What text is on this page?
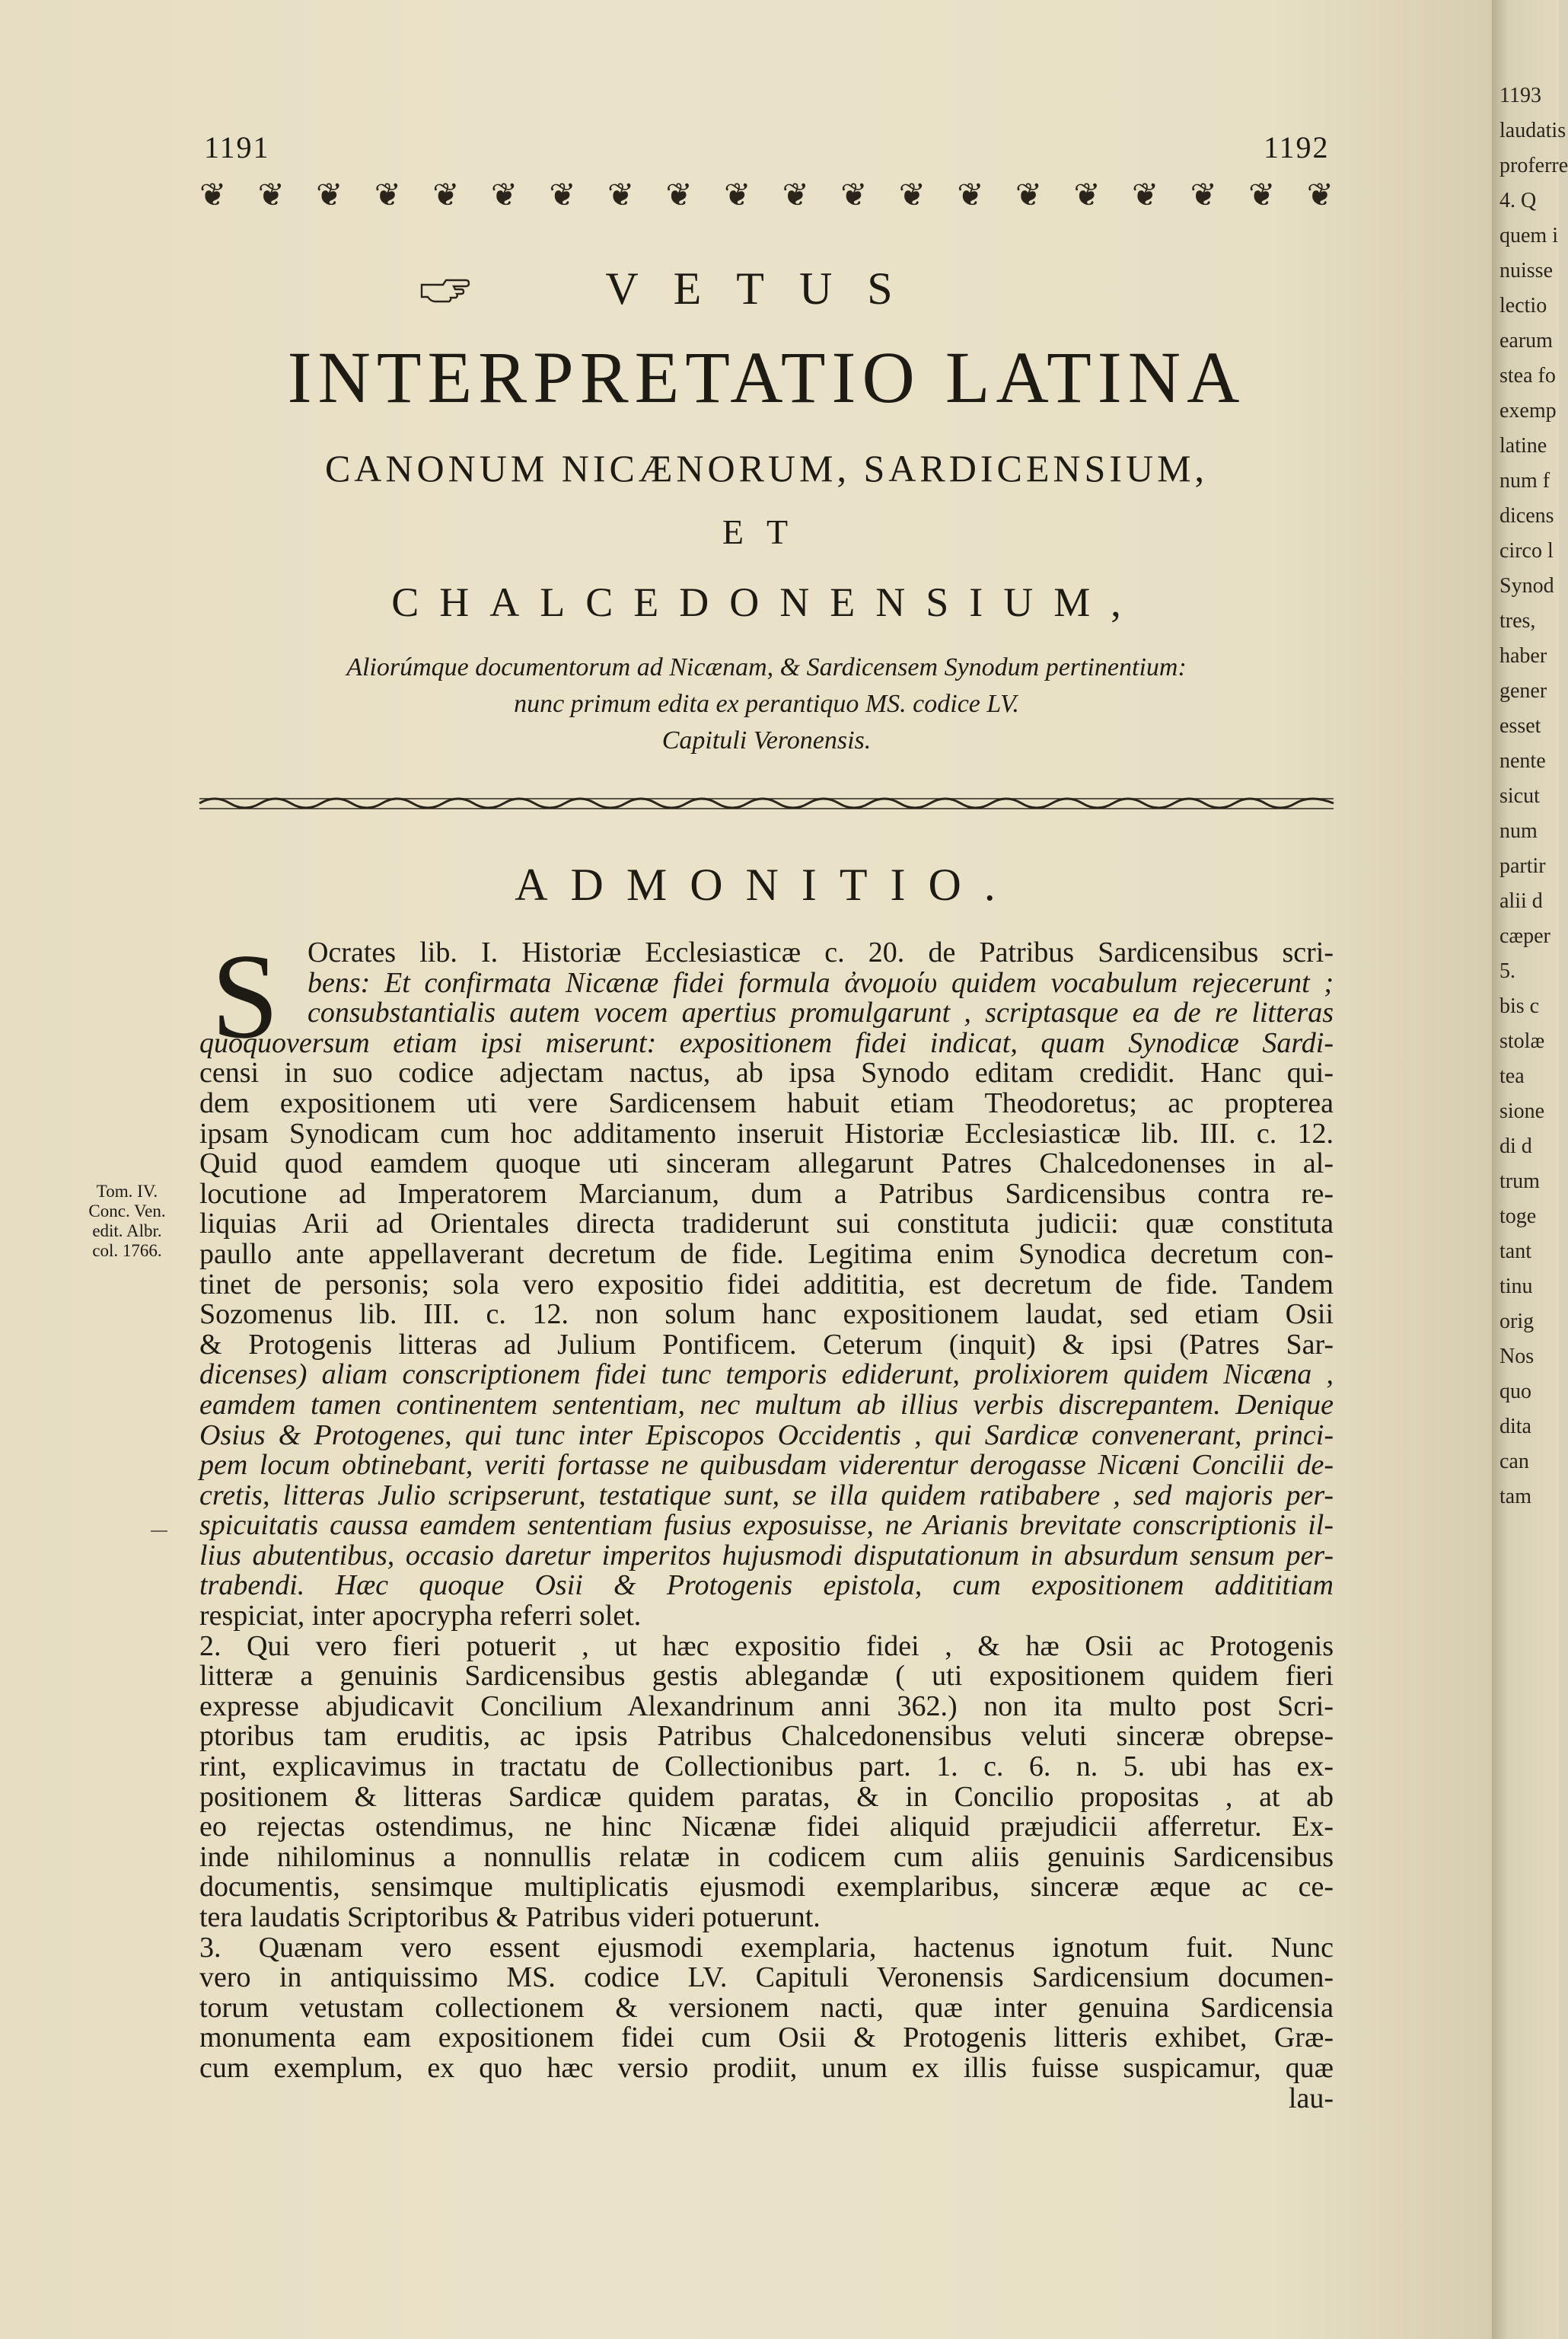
1191	1192
❦ ❦ ❦ ❦ ❦ ❦ ❦ ❦ ❦ ❦ ❦ ❦ ❦ ❦ ❦ ❦ ❦ ❦ ❦ ❦
VETUS
INTERPRETATIO LATINA
CANONUM NICÆNORUM, SARDICENSIUM,
ET
CHALCEDONENSIUM,
Aliorúmque documentorum ad Nicænam, & Sardicensem Synodum pertinentium:
nunc primum edita ex perantiquo MS. codice LV.
Capituli Veronensis.
ADMONITIO.
S
Tom. IV.
Conc. Ven.
edit. Albr.
col. 1766.
Ocrates lib. I. Historiæ Ecclesiasticæ c. 20. de Patribus Sardicensibus scri-
bens: Et confirmata Nicænæ fidei formula ἀνομοίυ quidem vocabulum rejecerunt ;
consubstantialis autem vocem apertius promulgarunt , scriptasque ea de re litteras
quoquoversum etiam ipsi miserunt: expositionem fidei indicat, quam Synodicæ Sardi-
censi in suo codice adjectam nactus, ab ipsa Synodo editam credidit. Hanc qui-
dem expositionem uti vere Sardicensem habuit etiam Theodoretus; ac propterea
ipsam Synodicam cum hoc additamento inseruit Historiæ Ecclesiasticæ lib. III. c. 12.
Quid quod eamdem quoque uti sinceram allegarunt Patres Chalcedonenses in al-
locutione ad Imperatorem Marcianum, dum a Patribus Sardicensibus contra re-
liquias Arii ad Orientales directa tradiderunt sui constituta judicii: quæ constituta
paullo ante appellaverant decretum de fide. Legitima enim Synodica decretum con-
tinet de personis; sola vero expositio fidei addititia, est decretum de fide. Tandem
Sozomenus lib. III. c. 12. non solum hanc expositionem laudat, sed etiam Osii
& Protogenis litteras ad Julium Pontificem. Ceterum (inquit) & ipsi (Patres Sar-
dicenses) aliam conscriptionem fidei tunc temporis ediderunt, prolixiorem quidem Nicæna ,
eamdem tamen continentem sententiam, nec multum ab illius verbis discrepantem. Denique
Osius & Protogenes, qui tunc inter Episcopos Occidentis , qui Sardicæ convenerant, princi-
pem locum obtinebant, veriti fortasse ne quibusdam viderentur derogasse Nicæni Concilii de-
cretis, litteras Julio scripserunt, testatique sunt, se illa quidem ratibabere , sed majoris per-
spicuitatis caussa eamdem sententiam fusius exposuisse, ne Arianis brevitate conscriptionis il-
lius abutentibus, occasio daretur imperitos hujusmodi disputationum in absurdum sensum per-
trabendi. Hæc quoque Osii & Protogenis epistola, cum expositionem addititiam
respiciat, inter apocrypha referri solet.
2. Qui vero fieri potuerit , ut hæc expositio fidei , & hæ Osii ac Protogenis
litteræ a genuinis Sardicensibus gestis ablegandæ ( uti expositionem quidem fieri
expresse abjudicavit Concilium Alexandrinum anni 362.) non ita multo post Scri-
ptoribus tam eruditis, ac ipsis Patribus Chalcedonensibus veluti sinceræ obrepse-
rint, explicavimus in tractatu de Collectionibus part. 1. c. 6. n. 5. ubi has ex-
positionem & litteras Sardicæ quidem paratas, & in Concilio propositas , at ab
eo rejectas ostendimus, ne hinc Nicænæ fidei aliquid præjudicii afferretur. Ex-
inde nihilominus a nonnullis relatæ in codicem cum aliis genuinis Sardicensibus
documentis, sensimque multiplicatis ejusmodi exemplaribus, sinceræ æque ac ce-
tera laudatis Scriptoribus & Patribus videri potuerunt.
3. Quænam vero essent ejusmodi exemplaria, hactenus ignotum fuit. Nunc
vero in antiquissimo MS. codice LV. Capituli Veronensis Sardicensium documen-
torum vetustam collectionem & versionem nacti, quæ inter genuina Sardicensia
monumenta eam expositionem fidei cum Osii & Protogenis litteris exhibet, Græ-
cum exemplum, ex quo hæc versio prodiit, unum ex illis fuisse suspicamur, quæ
lau-
1193
laudatis
proferre
4. Q
quem i
nuisse
lectio
earum
stea fo
exemp
latine
num f
dicens
circo l
Synod
tres,
haber
gener
esset
nente
sicut
num
partir
alii d
cæper
5.
bis c
stolæ
tea
sione
di d
trum
toge
tant
tinu
orig
Nos
quo
dita
can
tam
